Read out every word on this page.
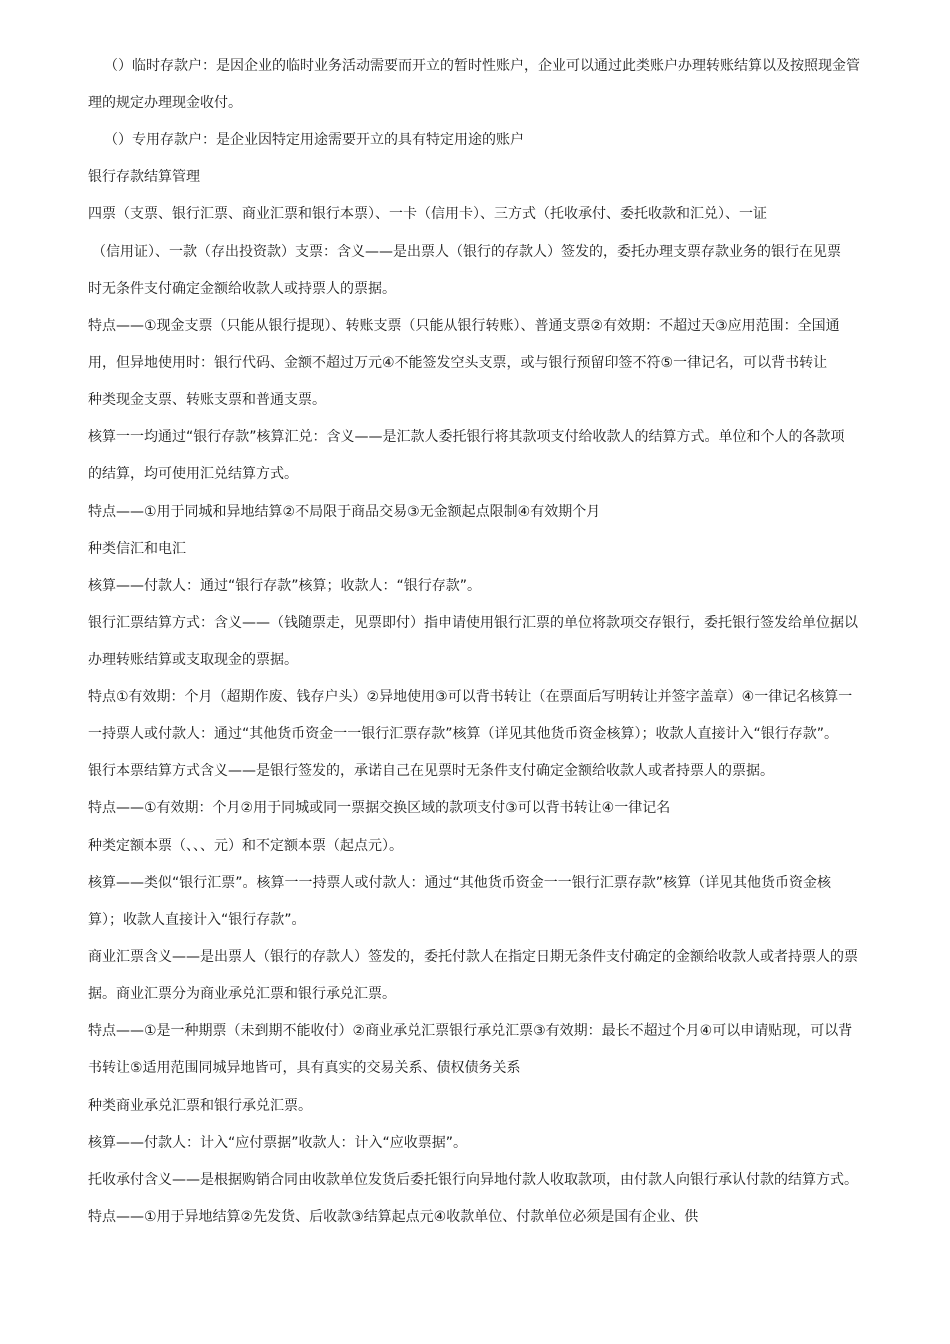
（）临时存款户：是因企业的临时业务活动需要而开立的暂时性账户，企业可以通过此类账户办理转账结算以及按照现金管
理的规定办理现金收付。
（）专用存款户：是企业因特定用途需要开立的具有特定用途的账户
银行存款结算管理
四票（支票、银行汇票、商业汇票和银行本票）、一卡（信用卡）、三方式（托收承付、委托收款和汇兑）、一证
（信用证）、一款（存出投资款）支票：含义——是出票人（银行的存款人）签发的，委托办理支票存款业务的银行在见票
时无条件支付确定金额给收款人或持票人的票据。
特点——①现金支票（只能从银行提现）、转账支票（只能从银行转账）、普通支票②有效期：不超过天③应用范围：全国通
用，但异地使用时：银行代码、金额不超过万元④不能签发空头支票，或与银行预留印签不符⑤一律记名，可以背书转让
种类现金支票、转账支票和普通支票。
核算一一均通过“银行存款”核算汇兑：含义——是汇款人委托银行将其款项支付给收款人的结算方式。单位和个人的各款项
的结算，均可使用汇兑结算方式。
特点——①用于同城和异地结算②不局限于商品交易③无金额起点限制④有效期个月
种类信汇和电汇
核算——付款人：通过“银行存款”核算；收款人：“银行存款”。
银行汇票结算方式：含义——（钱随票走，见票即付）指申请使用银行汇票的单位将款项交存银行，委托银行签发给单位据以
办理转账结算或支取现金的票据。
特点①有效期：个月（超期作废、钱存户头）②异地使用③可以背书转让（在票面后写明转让并签字盖章）④一律记名核算一
一持票人或付款人：通过“其他货币资金一一银行汇票存款”核算（详见其他货币资金核算）；收款人直接计入“银行存款”。
银行本票结算方式含义——是银行签发的，承诺自己在见票时无条件支付确定金额给收款人或者持票人的票据。
特点——①有效期：个月②用于同城或同一票据交换区域的款项支付③可以背书转让④一律记名
种类定额本票（、、、元）和不定额本票（起点元）。
核算——类似“银行汇票”。核算一一持票人或付款人：通过“其他货币资金一一银行汇票存款”核算（详见其他货币资金核
算）；收款人直接计入“银行存款”。
商业汇票含义——是出票人（银行的存款人）签发的，委托付款人在指定日期无条件支付确定的金额给收款人或者持票人的票
据。商业汇票分为商业承兑汇票和银行承兑汇票。
特点——①是一种期票（未到期不能收付）②商业承兑汇票银行承兑汇票③有效期：最长不超过个月④可以申请贴现，可以背
书转让⑤适用范围同城异地皆可，具有真实的交易关系、债权债务关系
种类商业承兑汇票和银行承兑汇票。
核算——付款人：计入“应付票据”收款人：计入“应收票据”。
托收承付含义——是根据购销合同由收款单位发货后委托银行向异地付款人收取款项，由付款人向银行承认付款的结算方式。
特点——①用于异地结算②先发货、后收款③结算起点元④收款单位、付款单位必须是国有企业、供
